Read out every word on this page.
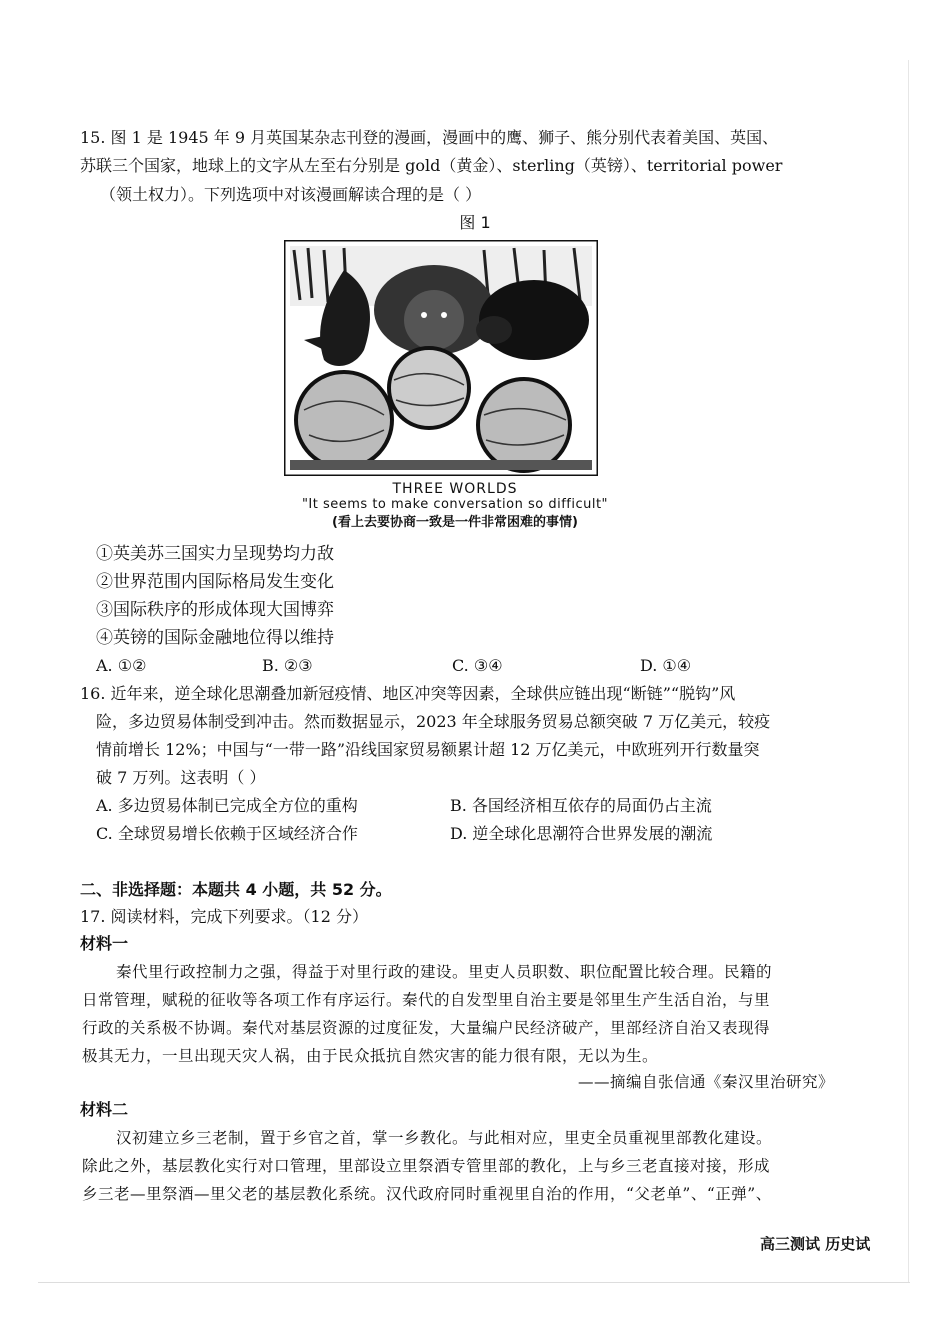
15. 图 1 是 1945 年 9 月英国某杂志刊登的漫画，漫画中的鹰、狮子、熊分别代表着美国、英国、
苏联三个国家，地球上的文字从左至右分别是 gold（黄金）、sterling（英镑）、territorial power
（领土权力）。下列选项中对该漫画解读合理的是（ ）
图 1
THREE WORLDS
"It seems to make conversation so difficult"
(看上去要协商一致是一件非常困难的事情)
①英美苏三国实力呈现势均力敌
②世界范围内国际格局发生变化
③国际秩序的形成体现大国博弈
④英镑的国际金融地位得以维持
A. ①②	B. ②③	C. ③④	D. ①④
16. 近年来，逆全球化思潮叠加新冠疫情、地区冲突等因素，全球供应链出现“断链”“脱钩”风
险，多边贸易体制受到冲击。然而数据显示，2023 年全球服务贸易总额突破 7 万亿美元，较疫
情前增长 12%；中国与“一带一路”沿线国家贸易额累计超 12 万亿美元，中欧班列开行数量突
破 7 万列。这表明（ ）
A. 多边贸易体制已完成全方位的重构	B. 各国经济相互依存的局面仍占主流
C. 全球贸易增长依赖于区域经济合作	D. 逆全球化思潮符合世界发展的潮流
二、非选择题：本题共 4 小题，共 52 分。
17. 阅读材料，完成下列要求。（12 分）
材料一
秦代里行政控制力之强，得益于对里行政的建设。里吏人员职数、职位配置比较合理。民籍的
日常管理，赋税的征收等各项工作有序运行。秦代的自发型里自治主要是邻里生产生活自治，与里
行政的关系极不协调。秦代对基层资源的过度征发，大量编户民经济破产，里部经济自治又表现得
极其无力，一旦出现天灾人祸，由于民众抵抗自然灾害的能力很有限，无以为生。
——摘编自张信通《秦汉里治研究》
材料二
汉初建立乡三老制，置于乡官之首，掌一乡教化。与此相对应，里吏全员重视里部教化建设。
除此之外，基层教化实行对口管理，里部设立里祭酒专管里部的教化，上与乡三老直接对接，形成
乡三老—里祭酒—里父老的基层教化系统。汉代政府同时重视里自治的作用，“父老单”、“正弹”、
高三测试 历史试
